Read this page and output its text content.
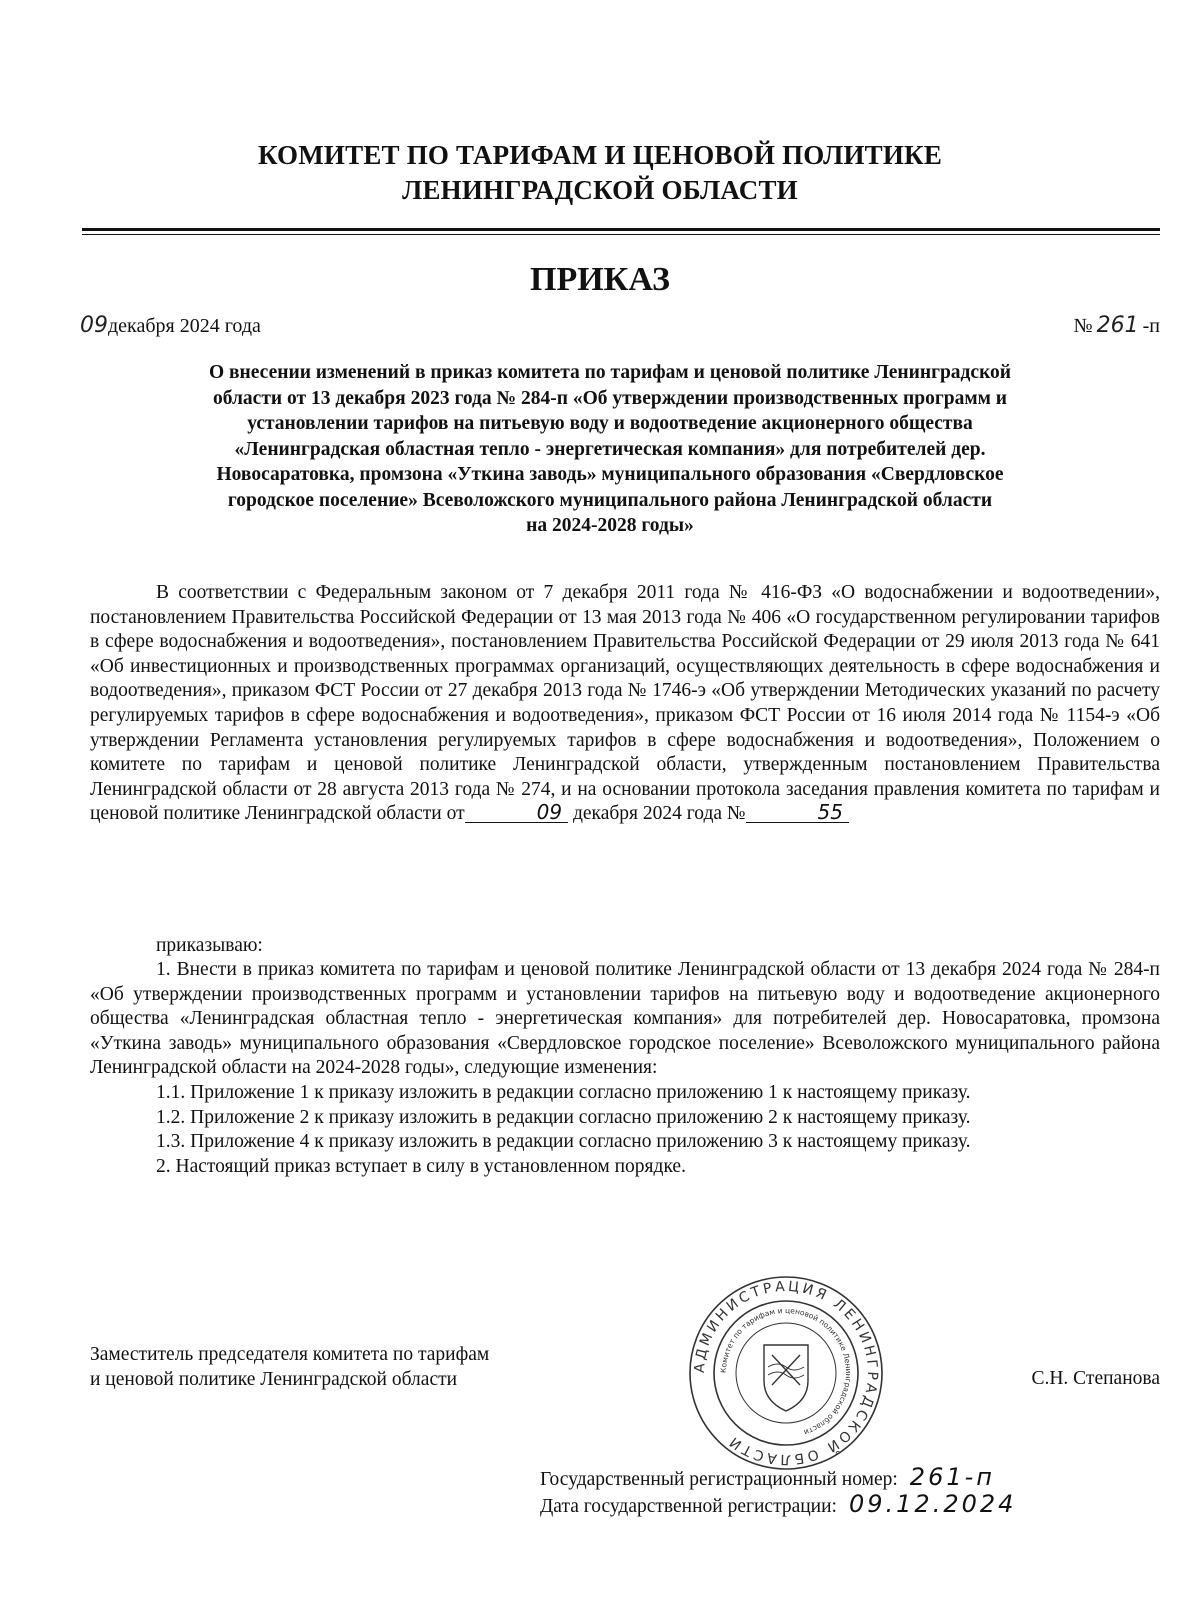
КОМИТЕТ ПО ТАРИФАМ И ЦЕНОВОЙ ПОЛИТИКЕ
ЛЕНИНГРАДСКОЙ ОБЛАСТИ
ПРИКАЗ
09декабря 2024 года	№ 261 -п
О внесении изменений в приказ комитета по тарифам и ценовой политике Ленинградской
области от 13 декабря 2023 года № 284-п «Об утверждении производственных программ и
установлении тарифов на питьевую воду и водоотведение акционерного общества
«Ленинградская областная тепло - энергетическая компания» для потребителей дер.
Новосаратовка, промзона «Уткина заводь» муниципального образования «Свердловское
городское поселение» Всеволожского муниципального района Ленинградской области
на 2024-2028 годы»
В соответствии с Федеральным законом от 7 декабря 2011 года № 416-ФЗ «О водоснабжении и водоотведении», постановлением Правительства Российской Федерации от 13 мая 2013 года № 406 «О государственном регулировании тарифов в сфере водоснабжения и водоотведения», постановлением Правительства Российской Федерации от 29 июля 2013 года № 641 «Об инвестиционных и производственных программах организаций, осуществляющих деятельность в сфере водоснабжения и водоотведения», приказом ФСТ России от 27 декабря 2013 года № 1746-э «Об утверждении Методических указаний по расчету регулируемых тарифов в сфере водоснабжения и водоотведения», приказом ФСТ России от 16 июля 2014 года № 1154-э «Об утверждении Регламента установления регулируемых тарифов в сфере водоснабжения и водоотведения», Положением о комитете по тарифам и ценовой политике Ленинградской области, утвержденным постановлением Правительства Ленинградской области от 28 августа 2013 года № 274, и на основании протокола заседания правления комитета по тарифам и ценовой политике Ленинградской области от	09 декабря 2024 года №	55
приказываю:

1. Внести в приказ комитета по тарифам и ценовой политике Ленинградской области от 13 декабря 2024 года № 284-п «Об утверждении производственных программ и установлении тарифов на питьевую воду и водоотведение акционерного общества «Ленинградская областная тепло - энергетическая компания» для потребителей дер. Новосаратовка, промзона «Уткина заводь» муниципального образования «Свердловское городское поселение» Всеволожского муниципального района Ленинградской области на 2024-2028 годы», следующие изменения:

1.1. Приложение 1 к приказу изложить в редакции согласно приложению 1 к настоящему приказу.

1.2. Приложение 2 к приказу изложить в редакции согласно приложению 2 к настоящему приказу.

1.3. Приложение 4 к приказу изложить в редакции согласно приложению 3 к настоящему приказу.

2. Настоящий приказ вступает в силу в установленном порядке.

Заместитель председателя комитета по тарифам
и ценовой политике Ленинградской области	С.Н. Степанова
АДМИНИСТРАЦИЯ ЛЕНИНГРАДСКОЙ ОБЛАСТИ
Комитет по тарифам и ценовой политике Ленинградской области
Государственный регистрационный номер: 261-п
Дата государственной регистрации: 09.12.2024
